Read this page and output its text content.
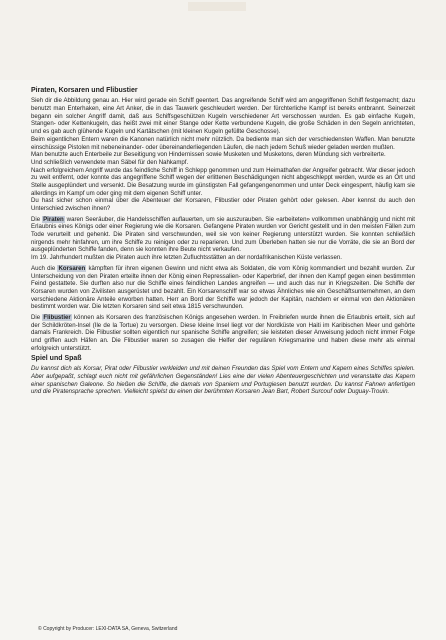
Piraten, Korsaren und Flibustier

Sieh dir die Abbildung genau an. Hier wird gerade ein Schiff geentert. Das angreifende Schiff wird am angegriffenen Schiff festgemacht; dazu benutzt man Enterhaken, eine Art Anker, die in das Tauwerk geschleudert werden. Der fürchterliche Kampf ist bereits entbrannt. Seinerzeit begann ein solcher Angriff damit, daß aus Schiffsgeschützen Kugeln verschiedener Art verschossen wurden. Es gab einfache Kugeln, Stangen- oder Kettenkugeln, das heißt zwei mit einer Stange oder Kette verbundene Kugeln, die große Schäden in den Segeln anrichteten, und es gab auch glühende Kugeln und Kartätschen (mit kleinen Kugeln gefüllte Geschosse).

Beim eigentlichen Entern waren die Kanonen natürlich nicht mehr nützlich. Da bediente man sich der verschiedensten Waffen. Man benutzte einschüssige Pistolen mit nebeneinander- oder übereinanderliegenden Läufen, die nach jedem Schuß wieder geladen werden mußten.

Man benutzte auch Enterbeile zur Beseitigung von Hindernissen sowie Musketen und Musketons, deren Mündung sich verbreiterte.

Und schließlich verwendete man Säbel für den Nahkampf.

Nach erfolgreichem Angriff wurde das feindliche Schiff in Schlepp genommen und zum Heimathafen der Angreifer gebracht. War dieser jedoch zu weit entfernt, oder konnte das angegriffene Schiff wegen der erlittenen Beschädigungen nicht abgeschleppt werden, wurde es an Ort und Stelle ausgeplündert und versenkt. Die Besatzung wurde im günstigsten Fall gefangengenommen und unter Deck eingesperrt, häufig kam sie allerdings im Kampf um oder ging mit dem eigenen Schiff unter.

Du hast sicher schon einmal über die Abenteuer der Korsaren, Flibustier oder Piraten gehört oder gelesen. Aber kennst du auch den Unterschied zwischen ihnen?

Die Piraten waren Seeräuber, die Handelsschiffen auflauerten, um sie auszurauben. Sie «arbeiteten» vollkommen unabhängig und nicht mit Erlaubnis eines Königs oder einer Regierung wie die Korsaren. Gefangene Piraten wurden vor Gericht gestellt und in den meisten Fällen zum Tode verurteilt und gehenkt. Die Piraten sind verschwunden, weil sie von keiner Regierung unterstützt wurden. Sie konnten schließlich nirgends mehr hinfahren, um ihre Schiffe zu reinigen oder zu reparieren. Und zum Überleben hatten sie nur die Vorräte, die sie an Bord der ausgeplünderten Schiffe fanden, denn sie konnten ihre Beute nicht verkaufen.

Im 19. Jahrhundert mußten die Piraten auch ihre letzten Zufluchtsstätten an der nordafrikanischen Küste verlassen.

Auch die Korsaren kämpften für ihren eigenen Gewinn und nicht etwa als Soldaten, die vom König kommandiert und bezahlt wurden. Zur Unterscheidung von den Piraten erteilte ihnen der König einen Repressalien- oder Kaperbrief, der ihnen den Kampf gegen einen bestimmten Feind gestattete. Sie durften also nur die Schiffe eines feindlichen Landes angreifen — und auch das nur in Kriegszeiten. Die Schiffe der Korsaren wurden von Zivilisten ausgerüstet und bezahlt. Ein Korsarenschiff war so etwas Ähnliches wie ein Geschäftsunternehmen, an dem verschiedene Aktionäre Anteile erworben hatten. Herr an Bord der Schiffe war jedoch der Kapitän, nachdem er einmal von den Aktionären bestimmt worden war. Die letzten Korsaren sind seit etwa 1815 verschwunden.

Die Flibustier können als Korsaren des französischen Königs angesehen werden. In Freibriefen wurde ihnen die Erlaubnis erteilt, sich auf der Schildkröten-Insel (Ile de la Tortue) zu versorgen. Diese kleine Insel liegt vor der Nordküste von Haiti im Karibischen Meer und gehörte damals Frankreich. Die Flibustier sollten eigentlich nur spanische Schiffe angreifen; sie leisteten dieser Anweisung jedoch nicht immer Folge und griffen auch Häfen an. Die Flibustier waren so zusagen die Helfer der regulären Kriegsmarine und haben diese mehr als einmal erfolgreich unterstützt.

Spiel und Spaß

Du kannst dich als Korsar, Pirat oder Flibustier verkleiden und mit deinen Freunden das Spiel vom Entern und Kapern eines Schiffes spielen. Aber aufgepaßt, schlagt euch nicht mit gefährlichen Gegenständen! Lies eine der vielen Abenteuergeschichten und veranstalte das Kapern einer spanischen Galeone. So hießen die Schiffe, die damals von Spaniern und Portugiesen benutzt wurden. Du kannst Fahnen anfertigen und die Piratensprache sprechen. Vielleicht spielst du einen der berühmten Korsaren Jean Bart, Robert Surcouf oder Duguay-Trouin.

© Copyright by Producer: LEXI-DATA SA, Geneva, Switzerland
